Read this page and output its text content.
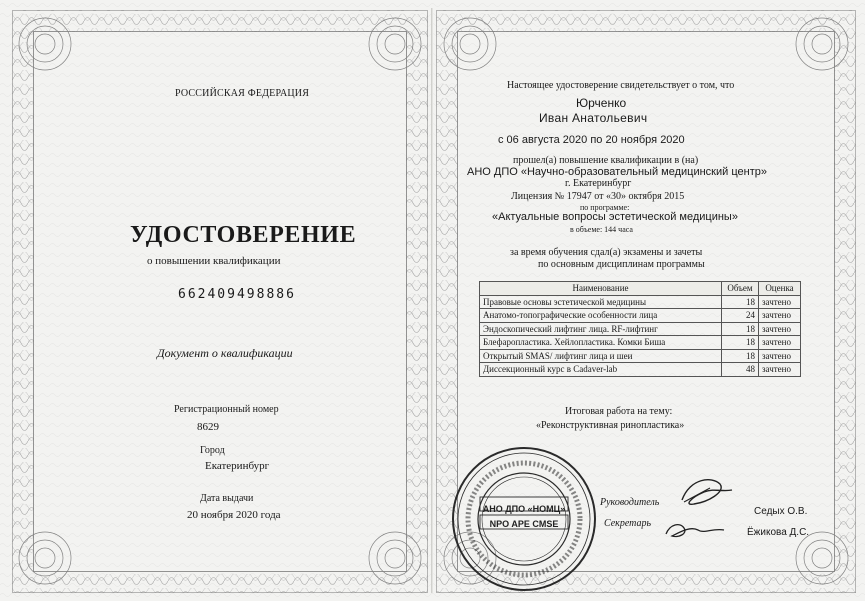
РОССИЙСКАЯ ФЕДЕРАЦИЯ
УДОСТОВЕРЕНИЕ
о повышении квалификации
662409498886
Документ о квалификации
Регистрационный номер
8629
Город
Екатеринбург
Дата выдачи
20 ноября 2020 года
Настоящее удостоверение свидетельствует о том, что
Юрченко
Иван Анатольевич
с 06 августа 2020 по 20 ноября 2020
прошел(а) повышение квалификации в (на)
АНО ДПО «Научно-образовательный медицинский центр»
г. Екатеринбург
Лицензия № 17947 от «30» октября 2015
по программе:
«Актуальные вопросы эстетической медицины»
в объеме: 144 часа
за время обучения сдал(а) экзамены и зачеты
по основным дисциплинам программы
Наименование	Объем	Оценка
Правовые основы эстетической медицины	18	зачтено
Анатомо-топографические особенности лица	24	зачтено
Эндоскопический лифтинг лица. RF-лифтинг	18	зачтено
Блефаропластика. Хейлопластика. Комки Биша	18	зачтено
Открытый SMAS/ лифтинг лица и шеи	18	зачтено
Диссекционный курс в Cadaver-lab	48	зачтено
Итоговая работа на тему:
«Реконструктивная ринопластика»
АНО ДПО «НОМЦ»
NPO APE CMSE
Руководитель
Секретарь
Седых О.В.
Ёжикова Д.С.
